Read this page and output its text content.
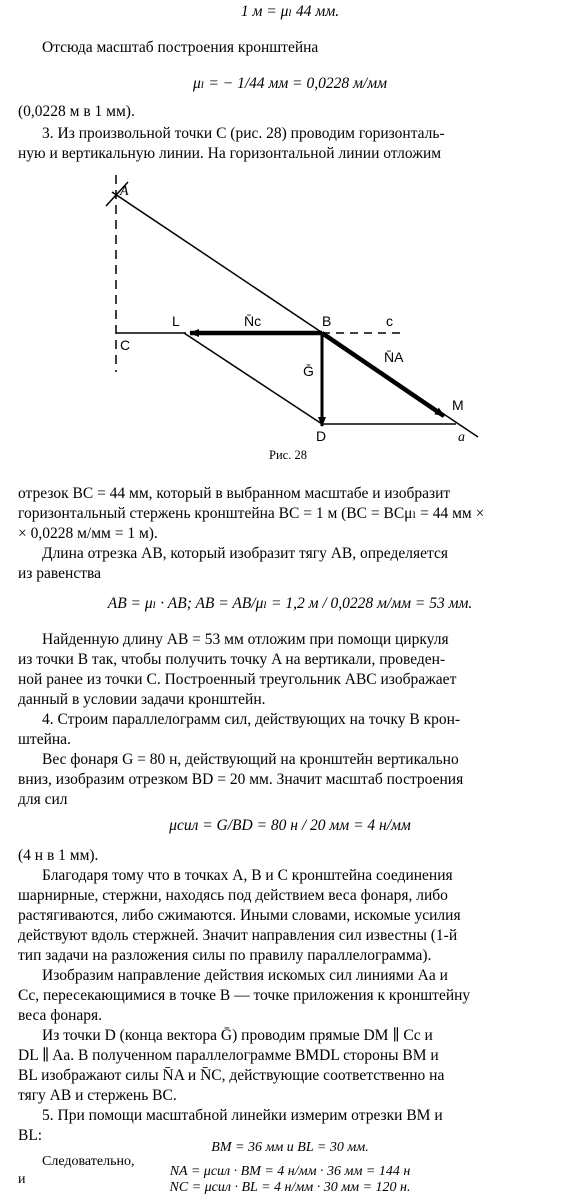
1 м = μₗ 44 мм.
Отсюда масштаб построения кронштейна
μₗ = − 1/44 мм = 0,0228 м/мм
(0,0228 м в 1 мм).
3. Из произвольной точки C (рис. 28) проводим горизонталь-
ную и вертикальную линии. На горизонтальной линии отложим
A
C
L	B	c
D
M
a
N̄A
N̄c
Ḡ
Рис. 28
отрезок BC = 44 мм, который в выбранном масштабе и изобразит
горизонтальный стержень кронштейна BC = 1 м (BC = BCμₗ = 44 мм ×
× 0,0228 м/мм = 1 м).
Длина отрезка AB, который изобразит тягу AB, определяется
из равенства
AB = μₗ · AB; AB = AB/μₗ = 1,2 м / 0,0228 м/мм = 53 мм.
Найденную длину AB = 53 мм отложим при помощи циркуля
из точки B так, чтобы получить точку A на вертикали, проведен-
ной ранее из точки C. Построенный треугольник ABC изображает
данный в условии задачи кронштейн.
4. Строим параллелограмм сил, действующих на точку B крон-
штейна.
Вес фонаря G = 80 н, действующий на кронштейн вертикально
вниз, изобразим отрезком BD = 20 мм. Значит масштаб построения
для сил
μсил = G/BD = 80 н / 20 мм = 4 н/мм
(4 н в 1 мм).
Благодаря тому что в точках A, B и C кронштейна соединения
шарнирные, стержни, находясь под действием веса фонаря, либо
растягиваются, либо сжимаются. Иными словами, искомые усилия
действуют вдоль стержней. Значит направления сил известны (1-й
тип задачи на разложения силы по правилу параллелограмма).
Изобразим направление действия искомых сил линиями Aa и
Cc, пересекающимися в точке B — точке приложения к кронштейну
веса фонаря.
Из точки D (конца вектора Ḡ) проводим прямые DM ∥ Cc и
DL ∥ Aa. В полученном параллелограмме BMDL стороны BM и
BL изображают силы N̄A и N̄C, действующие соответственно на
тягу AB и стержень BC.
5. При помощи масштабной линейки измерим отрезки BM и
BL:
BM = 36 мм и BL = 30 мм.
Следовательно,
NA = μсил · BM = 4 н/мм · 36 мм = 144 н
и
NC = μсил · BL = 4 н/мм · 30 мм = 120 н.
